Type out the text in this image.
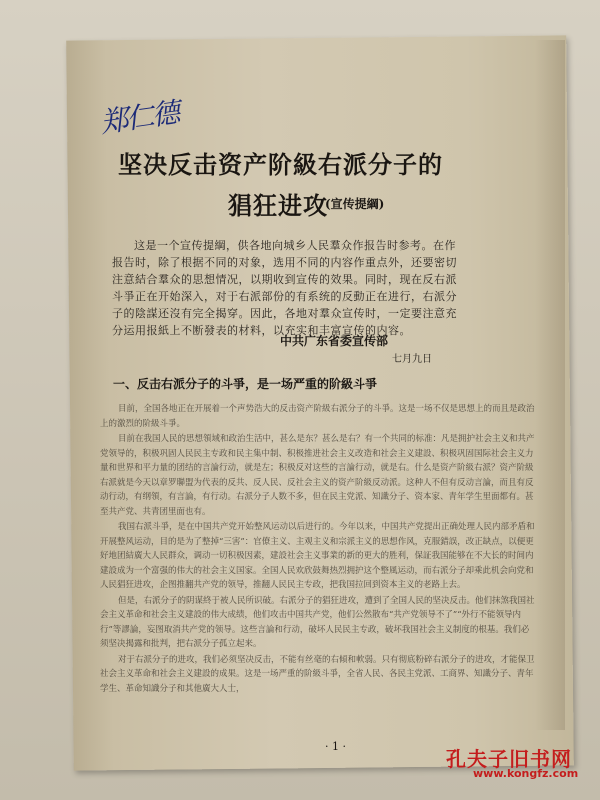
郑仁德
坚决反击资产阶級右派分子的
猖狂进攻
(宣传提綱)
这是一个宣传提綱，供各地向城乡人民羣众作报告时参考。在作报告时，除了根据不同的对象，选用不同的内容作重点外，还要密切注意結合羣众的思想情况，以期收到宣传的效果。同时，现在反右派斗爭正在开始深入，对于右派部份的有系统的反動正在进行，右派分子的陰謀还沒有完全揭穿。因此，各地对羣众宣传时，一定要注意充分运用报紙上不断發表的材料，以充实和丰富宣传的内容。
中共广东省委宣传部
七月九日
一、反击右派分子的斗爭，是一场严重的阶級斗爭

目前，全国各地正在开展着一个声势浩大的反击资产阶級右派分子的斗爭。这是一场不仅是思想上的而且是政治上的激烈的阶級斗爭。

目前在我国人民的思想領域和政治生活中，甚么是东？甚么是右？有一个共同的标准：凡是拥护社会主义和共产党领导的，积极巩固人民民主专政和民主集中制、积极推进社会主义改造和社会主义建設、积极巩固国际社会主义力量和世界和平力量的团结的言論行动，就是左；积极反对这些的言論行动，就是右。什么是资产阶級右派？资产阶級右派就是今天以章罗聯盟为代表的反共、反人民、反社会主义的资产阶級反动派。这种人不但有反动言論，而且有反动行动，有纲領，有言論，有行动。右派分子人数不多，但在民主党派、知識分子、资本家、青年学生里面都有。甚至共产党、共青团里面也有。

我国右派斗爭，是在中国共产党开始整风运动以后进行的。今年以来，中国共产党提出正确处理人民内部矛盾和开展整风运动，目的是为了整掉“三害”：官僚主义、主观主义和宗派主义的思想作风，克服錯誤，改正缺点，以便更好地团結廣大人民群众，调动一切积极因素，建設社会主义事業的新的更大的胜利，保証我国能够在不大长的时间内建設成为一个富强的伟大的社会主义国家。全国人民欢欣鼓舞热烈拥护这个整風运动，而右派分子却乘此机会向党和人民猖狂进攻，企图推翻共产党的领导，推翻人民民主专政，把我国拉回到资本主义的老路上去。

但是，右派分子的阴谋終于被人民所识破。右派分子的猖狂进攻，遭到了全国人民的坚决反击。他们抹煞我国社会主义革命和社会主义建設的伟大成绩，他们攻击中国共产党，他们公然散布“共产党领导不了”“外行不能领导内行”等謬論，妄图取消共产党的领导。这些言論和行动，破坏人民民主专政，破坏我国社会主义制度的根基。我们必须坚决揭露和批判，把右派分子孤立起来。

对于右派分子的进攻，我们必须坚决反击，不能有丝毫的右傾和軟弱。只有彻底粉碎右派分子的进攻，才能保卫社会主义革命和社会主义建設的成果。这是一场严重的阶級斗爭，全省人民、各民主党派、工商界、知識分子、青年学生、革命知識分子和其他廣大人士，

· 1 ·
孔夫子旧书网
www.kongfz.com
